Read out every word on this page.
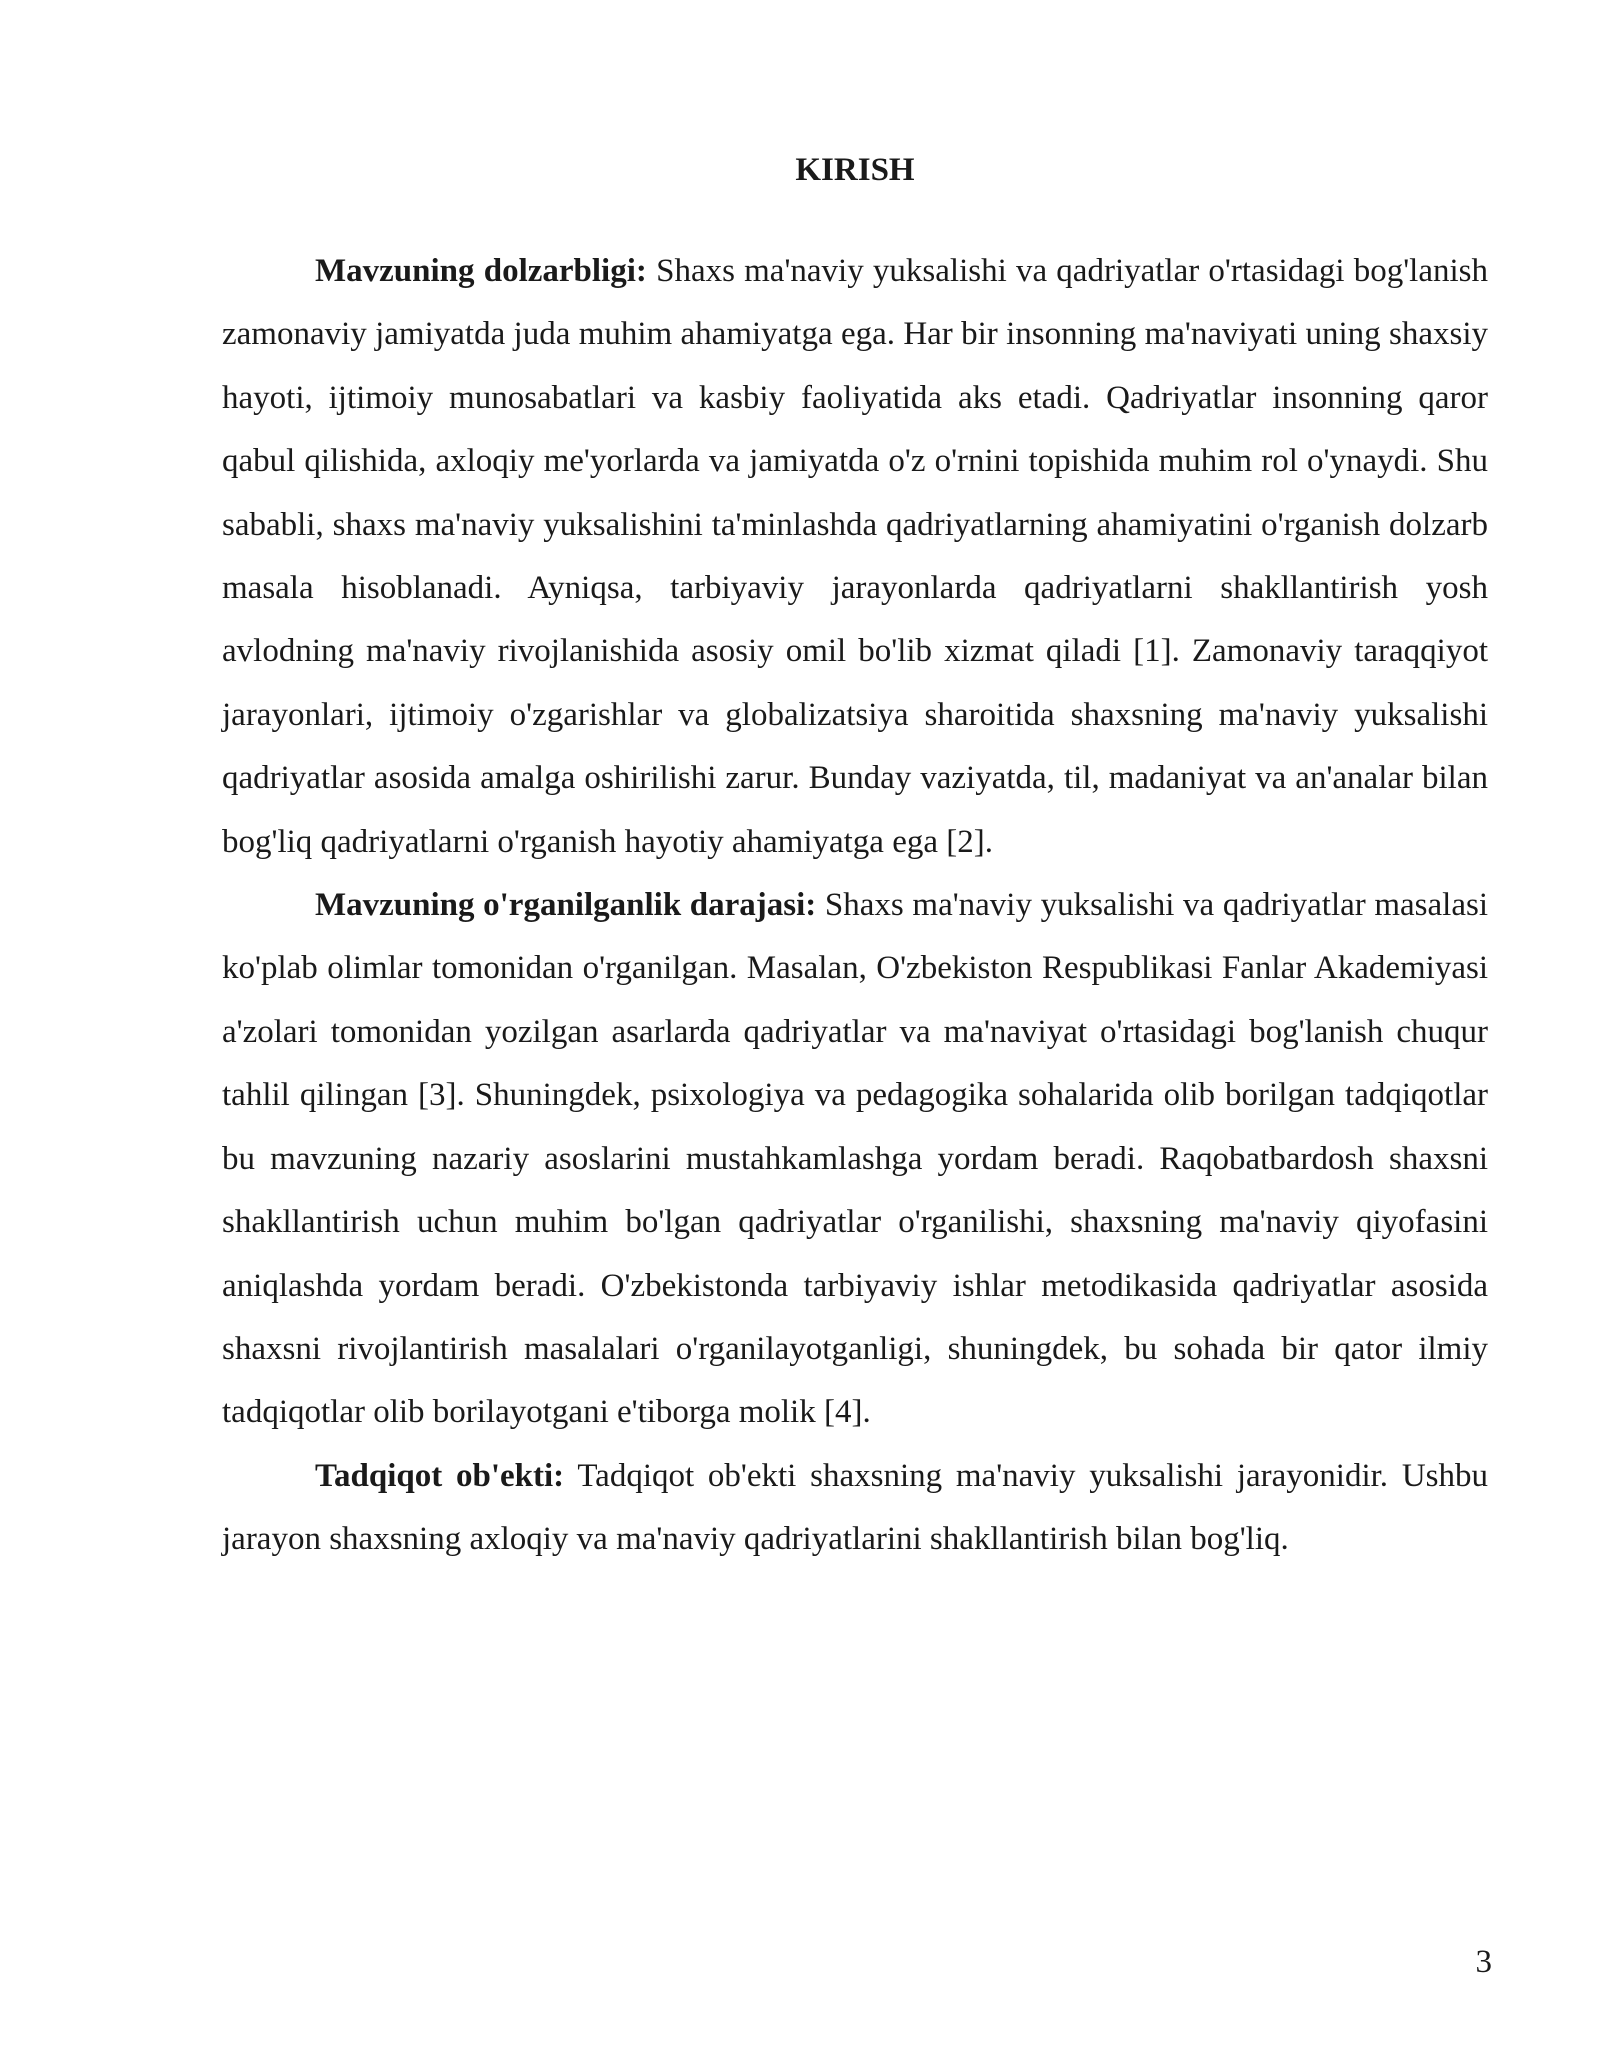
KIRISH

Mavzuning dolzarbligi: Shaxs ma'naviy yuksalishi va qadriyatlar o'rtasidagi bog'lanish zamonaviy jamiyatda juda muhim ahamiyatga ega. Har bir insonning ma'naviyati uning shaxsiy hayoti, ijtimoiy munosabatlari va kasbiy faoliyatida aks etadi. Qadriyatlar insonning qaror qabul qilishida, axloqiy me'yorlarda va jamiyatda o'z o'rnini topishida muhim rol o'ynaydi. Shu sababli, shaxs ma'naviy yuksalishini ta'minlashda qadriyatlarning ahamiyatini o'rganish dolzarb masala hisoblanadi. Ayniqsa, tarbiyaviy jarayonlarda qadriyatlarni shakllantirish yosh avlodning ma'naviy rivojlanishida asosiy omil bo'lib xizmat qiladi [1]. Zamonaviy taraqqiyot jarayonlari, ijtimoiy o'zgarishlar va globalizatsiya sharoitida shaxsning ma'naviy yuksalishi qadriyatlar asosida amalga oshirilishi zarur. Bunday vaziyatda, til, madaniyat va an'analar bilan bog'liq qadriyatlarni o'rganish hayotiy ahamiyatga ega [2].

Mavzuning o'rganilganlik darajasi: Shaxs ma'naviy yuksalishi va qadriyatlar masalasi ko'plab olimlar tomonidan o'rganilgan. Masalan, O'zbekiston Respublikasi Fanlar Akademiyasi a'zolari tomonidan yozilgan asarlarda qadriyatlar va ma'naviyat o'rtasidagi bog'lanish chuqur tahlil qilingan [3]. Shuningdek, psixologiya va pedagogika sohalarida olib borilgan tadqiqotlar bu mavzuning nazariy asoslarini mustahkamlashga yordam beradi. Raqobatbardosh shaxsni shakllantirish uchun muhim bo'lgan qadriyatlar o'rganilishi, shaxsning ma'naviy qiyofasini aniqlashda yordam beradi. O'zbekistonda tarbiyaviy ishlar metodikasida qadriyatlar asosida shaxsni rivojlantirish masalalari o'rganilayotganligi, shuningdek, bu sohada bir qator ilmiy tadqiqotlar olib borilayotgani e'tiborga molik [4].

Tadqiqot ob'ekti: Tadqiqot ob'ekti shaxsning ma'naviy yuksalishi jarayonidir. Ushbu jarayon shaxsning axloqiy va ma'naviy qadriyatlarini shakllantirish bilan bog'liq.

3
